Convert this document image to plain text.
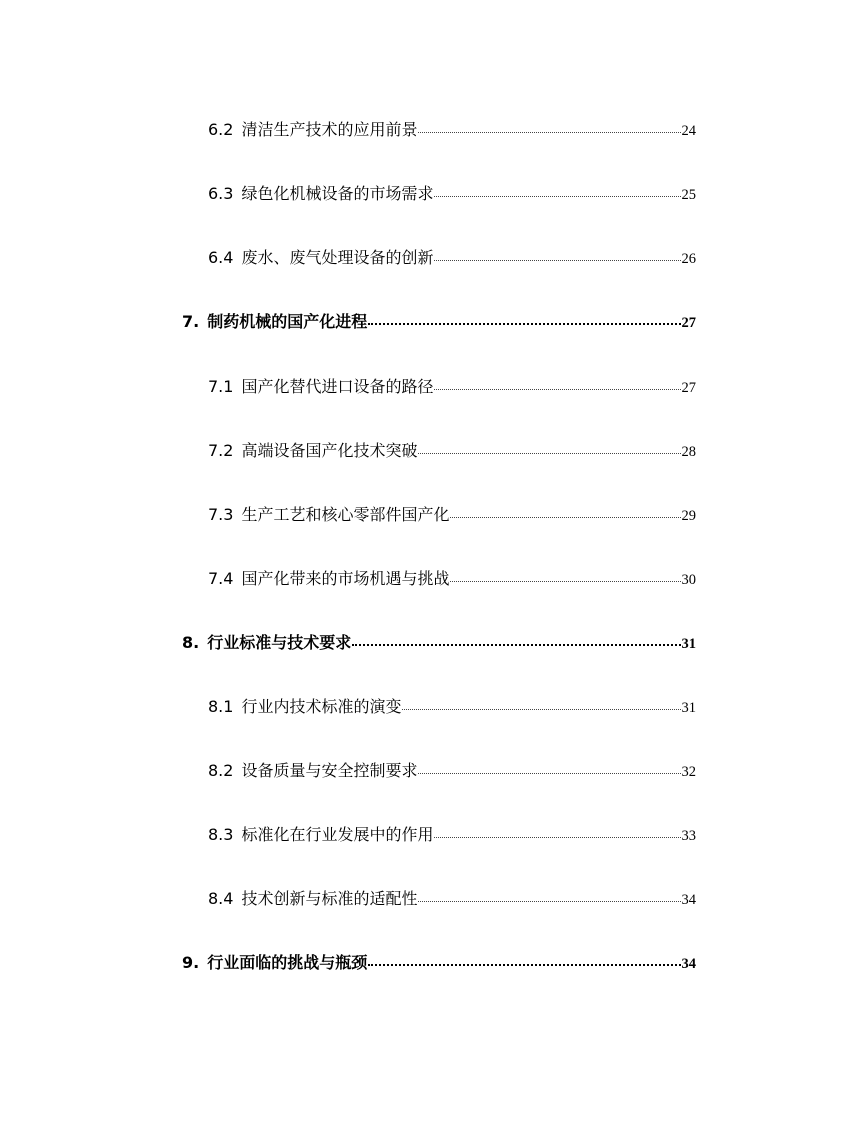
6.2 清洁生产技术的应用前景	24
6.3 绿色化机械设备的市场需求	25
6.4 废水、废气处理设备的创新	26
7. 制药机械的国产化进程	27
7.1 国产化替代进口设备的路径	27
7.2 高端设备国产化技术突破	28
7.3 生产工艺和核心零部件国产化	29
7.4 国产化带来的市场机遇与挑战	30
8. 行业标准与技术要求	31
8.1 行业内技术标准的演变	31
8.2 设备质量与安全控制要求	32
8.3 标准化在行业发展中的作用	33
8.4 技术创新与标准的适配性	34
9. 行业面临的挑战与瓶颈	34
